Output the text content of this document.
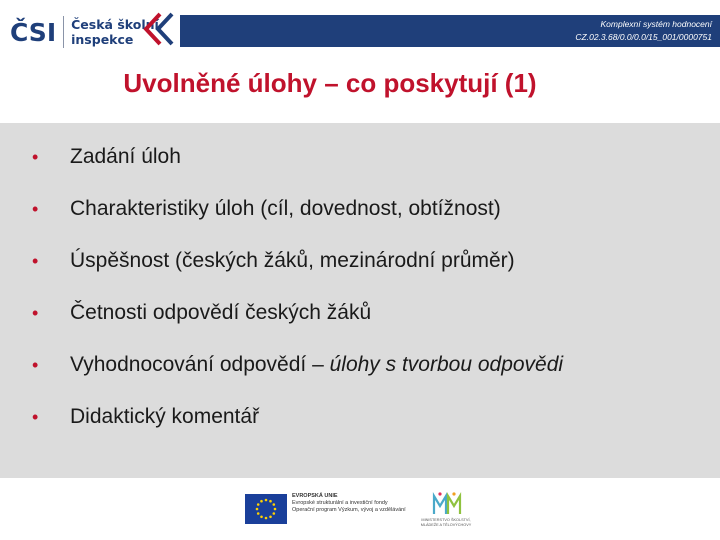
ČSI Česká školní
inspekce
Komplexní systém hodnocení
CZ.02.3.68/0.0/0.0/15_001/0000751
Uvolněné úlohy – co poskytují (1)
•	Zadání úloh
•	Charakteristiky úloh (cíl, dovednost, obtížnost)
•	Úspěšnost (českých žáků, mezinárodní průměr)
•	Četnosti odpovědí českých žáků
•	Vyhodnocování odpovědí – úlohy s tvorbou odpovědi
•	Didaktický komentář
EVROPSKÁ UNIE
Evropské strukturální a investiční fondy
Operační program Výzkum, vývoj a vzdělávání
MINISTERSTVO ŠKOLSTVÍ,
MLÁDEŽE A TĚLOVÝCHOVY
